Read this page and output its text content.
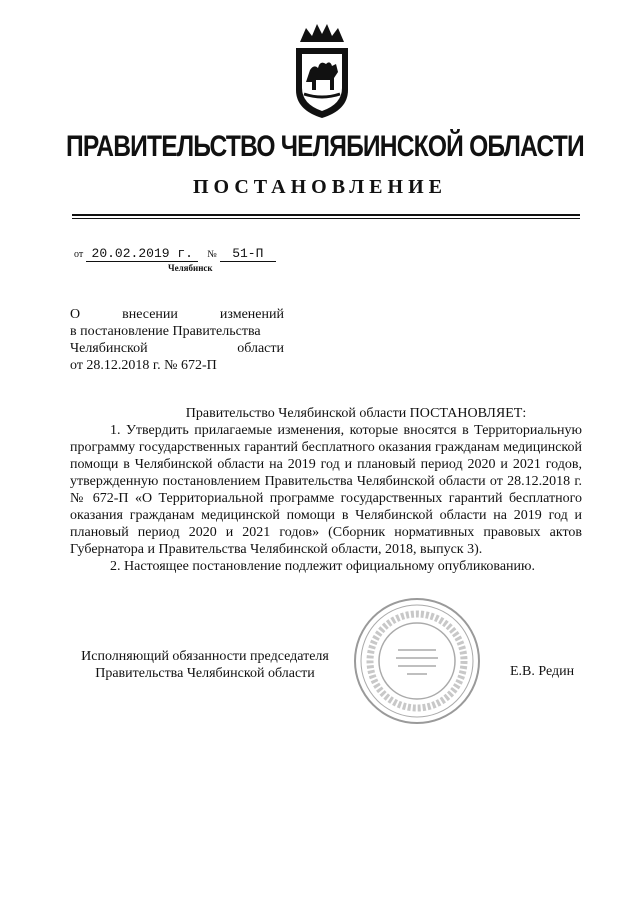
ПРАВИТЕЛЬСТВО ЧЕЛЯБИНСКОЙ ОБЛАСТИ
ПОСТАНОВЛЕНИЕ
от 20.02.2019 г. № 51-П
Челябинск
О	внесении	изменений
в постановление Правительства
Челябинской	области
от 28.12.2018 г. № 672-П
Правительство Челябинской области ПОСТАНОВЛЯЕТ:

1. Утвердить прилагаемые изменения, которые вносятся в Территориальную программу государственных гарантий бесплатного оказания гражданам медицинской помощи в Челябинской области на 2019 год и плановый период 2020 и 2021 годов, утвержденную постановлением Правительства Челябинской области от 28.12.2018 г. № 672-П «О Территориальной программе государственных гарантий бесплатного оказания гражданам медицинской помощи в Челябинской области на 2019 год и плановый период 2020 и 2021 годов» (Сборник нормативных правовых актов Губернатора и Правительства Челябинской области, 2018, выпуск 3).

2. Настоящее постановление подлежит официальному опубликованию.

Исполняющий обязанности председателя
Правительства Челябинской области	Е.В. Редин
